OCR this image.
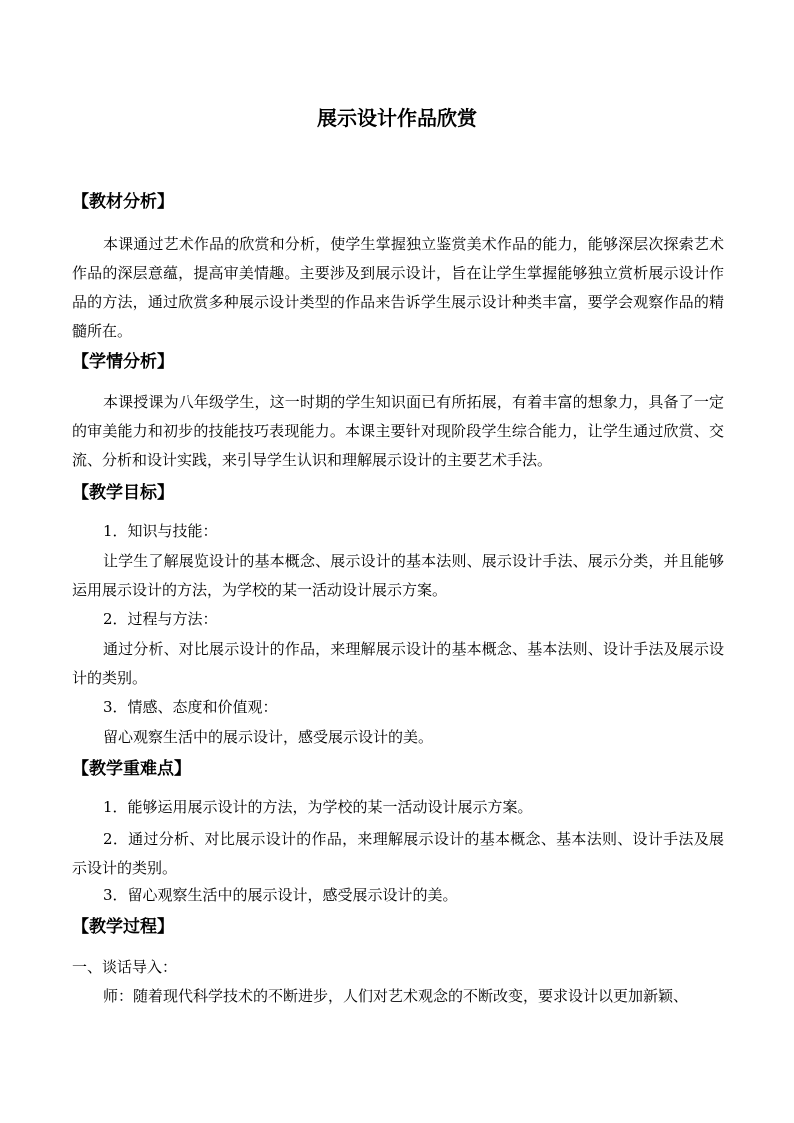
展示设计作品欣赏
【教材分析】

本课通过艺术作品的欣赏和分析，使学生掌握独立鉴赏美术作品的能力，能够深层次探索艺术作品的深层意蕴，提高审美情趣。主要涉及到展示设计，旨在让学生掌握能够独立赏析展示设计作品的方法，通过欣赏多种展示设计类型的作品来告诉学生展示设计种类丰富，要学会观察作品的精髓所在。

【学情分析】

本课授课为八年级学生，这一时期的学生知识面已有所拓展，有着丰富的想象力，具备了一定的审美能力和初步的技能技巧表现能力。本课主要针对现阶段学生综合能力，让学生通过欣赏、交流、分析和设计实践，来引导学生认识和理解展示设计的主要艺术手法。

【教学目标】
1．知识与技能：

让学生了解展览设计的基本概念、展示设计的基本法则、展示设计手法、展示分类，并且能够运用展示设计的方法，为学校的某一活动设计展示方案。

2．过程与方法：

通过分析、对比展示设计的作品，来理解展示设计的基本概念、基本法则、设计手法及展示设计的类别。

3．情感、态度和价值观：
留心观察生活中的展示设计，感受展示设计的美。
【教学重难点】
1．能够运用展示设计的方法，为学校的某一活动设计展示方案。

2．通过分析、对比展示设计的作品，来理解展示设计的基本概念、基本法则、设计手法及展示设计的类别。

3．留心观察生活中的展示设计，感受展示设计的美。
【教学过程】
一、谈话导入：
师：随着现代科学技术的不断进步，人们对艺术观念的不断改变，要求设计以更加新颖、
